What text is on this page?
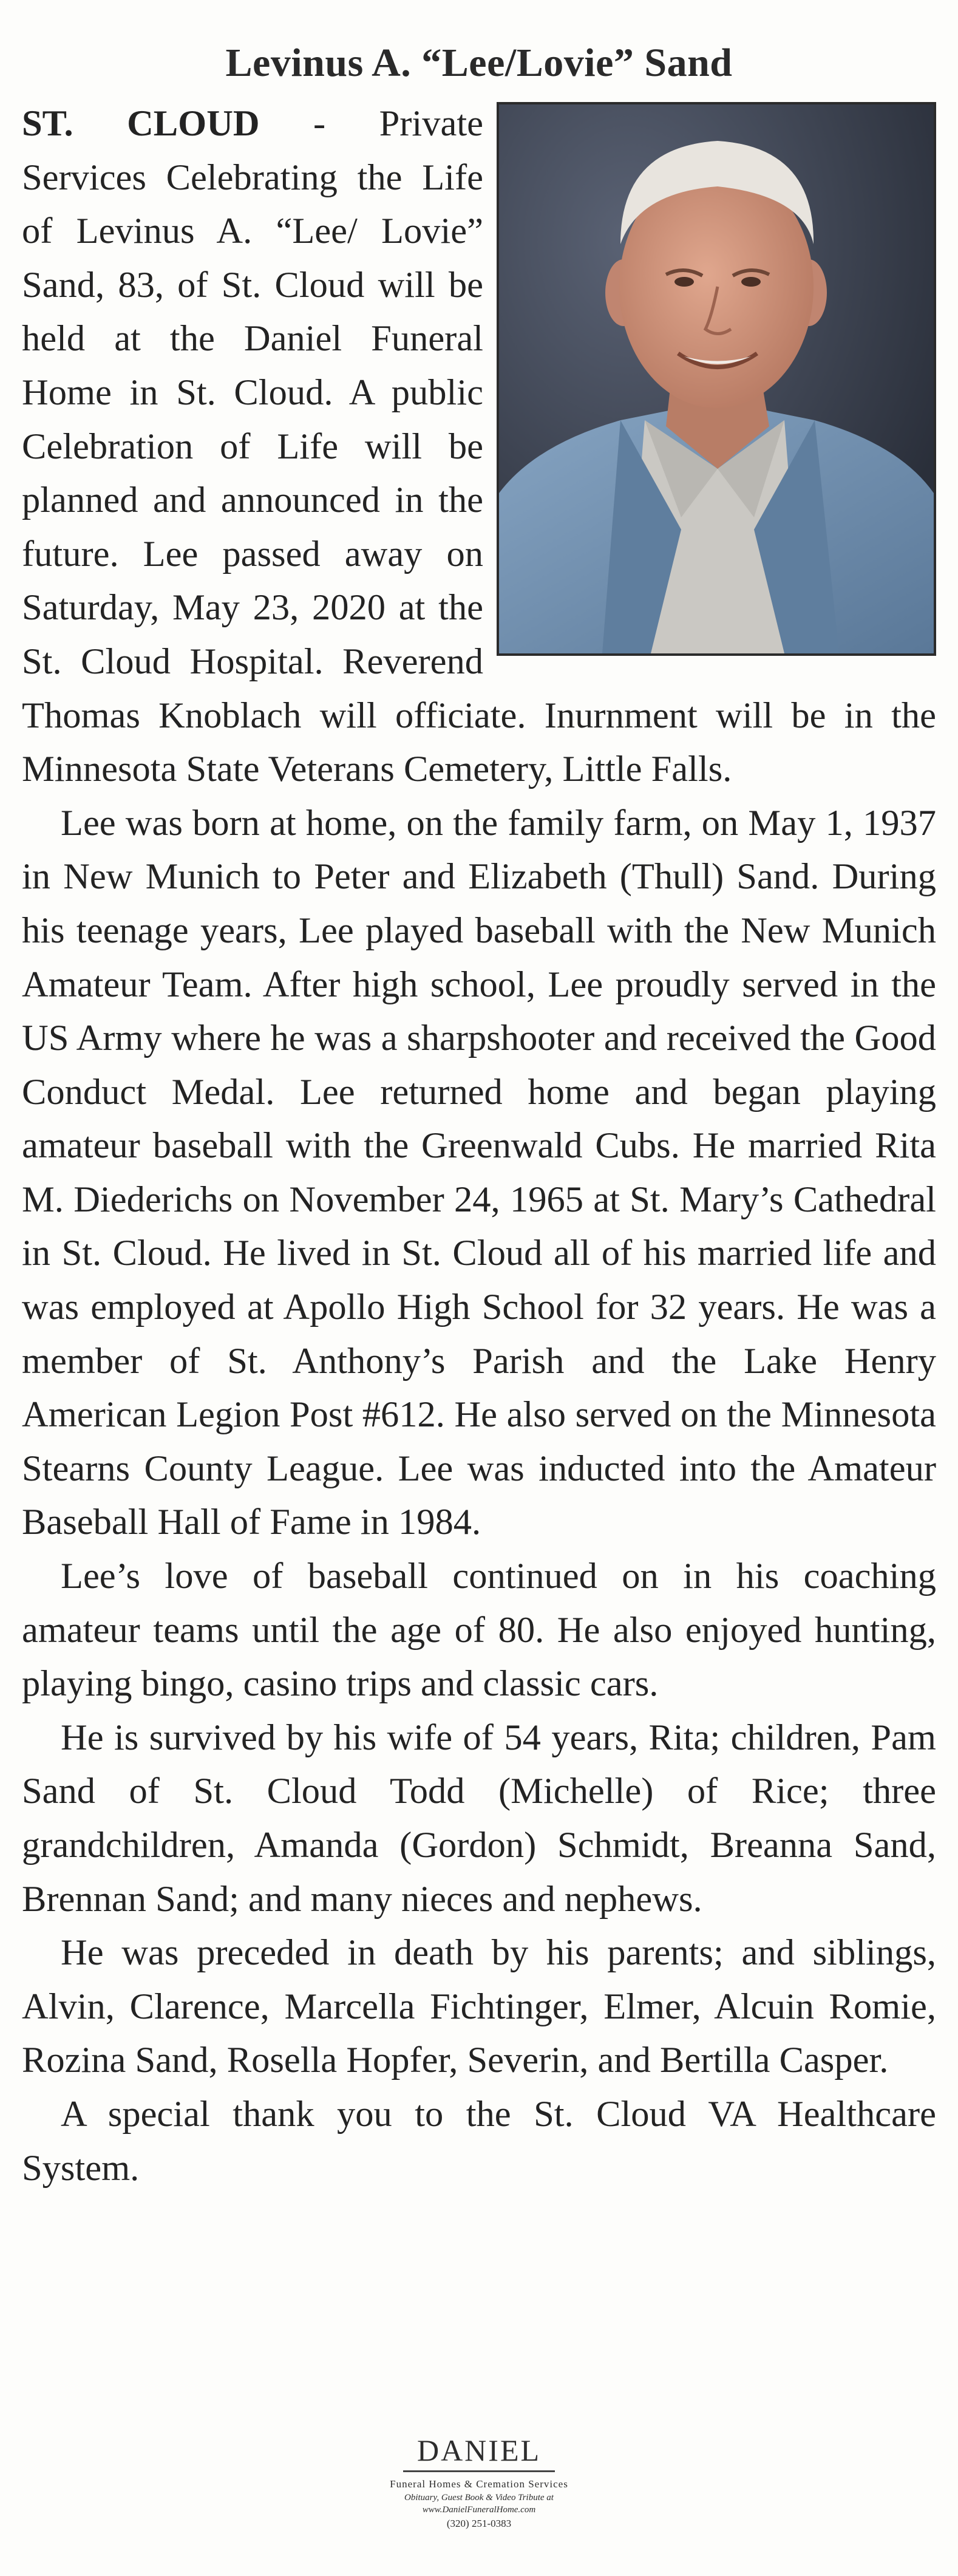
Levinus A. “Lee/Lovie” Sand

ST. CLOUD - Private Services Celebrating the Life of Levinus A. “Lee/ Lovie” Sand, 83, of St. Cloud will be held at the Daniel Funeral Home in St. Cloud. A public Celebration of Life will be planned and announced in the future. Lee passed away on Saturday, May 23, 2020 at the St. Cloud Hospital. Reverend Thomas Knoblach will officiate. Inurnment will be in the Minnesota State Veterans Cemetery, Little Falls.

Lee was born at home, on the family farm, on May 1, 1937 in New Munich to Peter and Elizabeth (Thull) Sand. During his teenage years, Lee played baseball with the New Munich Amateur Team. After high school, Lee proudly served in the US Army where he was a sharpshooter and received the Good Conduct Medal. Lee returned home and began playing amateur baseball with the Greenwald Cubs. He married Rita M. Diederichs on November 24, 1965 at St. Mary’s Cathedral in St. Cloud. He lived in St. Cloud all of his married life and was employed at Apollo High School for 32 years. He was a member of St. Anthony’s Parish and the Lake Henry American Legion Post #612. He also served on the Minnesota Stearns County League. Lee was inducted into the Amateur Baseball Hall of Fame in 1984.

Lee’s love of baseball continued on in his coaching amateur teams until the age of 80. He also enjoyed hunting, playing bingo, casino trips and classic cars.

He is survived by his wife of 54 years, Rita; children, Pam Sand of St. Cloud Todd (Michelle) of Rice; three grandchildren, Amanda (Gordon) Schmidt, Breanna Sand, Brennan Sand; and many nieces and nephews.

He was preceded in death by his parents; and siblings, Alvin, Clarence, Marcella Fichtinger, Elmer, Alcuin Romie, Rozina Sand, Rosella Hopfer, Severin, and Bertilla Casper.

A special thank you to the St. Cloud VA Healthcare System.

DANIEL
Funeral Homes & Cremation Services
Obituary, Guest Book & Video Tribute at
www.DanielFuneralHome.com
(320) 251-0383
